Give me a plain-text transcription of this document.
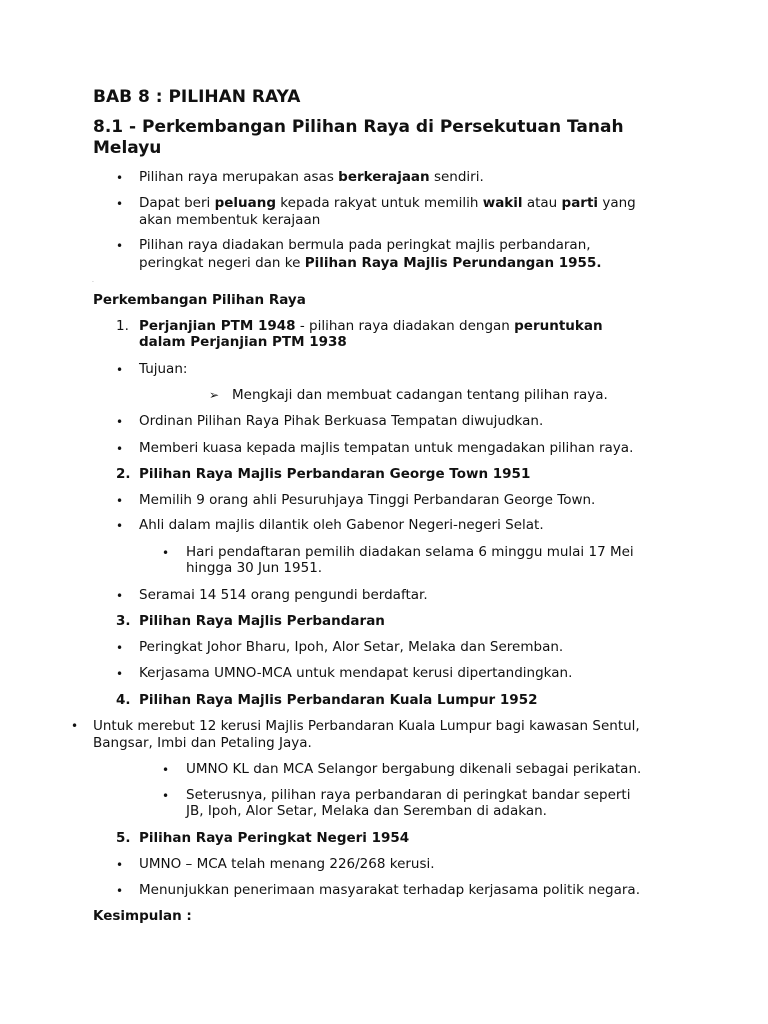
BAB 8 : PILIHAN RAYA
8.1 - Perkembangan Pilihan Raya di Persekutuan Tanah
Melayu
• Pilihan raya merupakan asas berkerajaan sendiri.
• Dapat beri peluang kepada rakyat untuk memilih wakil atau parti yang
akan membentuk kerajaan
• Pilihan raya diadakan bermula pada peringkat majlis perbandaran,
peringkat negeri dan ke Pilihan Raya Majlis Perundangan 1955.
.
Perkembangan Pilihan Raya
1. Perjanjian PTM 1948 - pilihan raya diadakan dengan peruntukan
dalam Perjanjian PTM 1938
• Tujuan:
➢ Mengkaji dan membuat cadangan tentang pilihan raya.
• Ordinan Pilihan Raya Pihak Berkuasa Tempatan diwujudkan.
• Memberi kuasa kepada majlis tempatan untuk mengadakan pilihan raya.
2. Pilihan Raya Majlis Perbandaran George Town 1951
• Memilih 9 orang ahli Pesuruhjaya Tinggi Perbandaran George Town.
• Ahli dalam majlis dilantik oleh Gabenor Negeri-negeri Selat.
• Hari pendaftaran pemilih diadakan selama 6 minggu mulai 17 Mei
hingga 30 Jun 1951.
• Seramai 14 514 orang pengundi berdaftar.
3. Pilihan Raya Majlis Perbandaran
• Peringkat Johor Bharu, Ipoh, Alor Setar, Melaka dan Seremban.
• Kerjasama UMNO-MCA untuk mendapat kerusi dipertandingkan.
4. Pilihan Raya Majlis Perbandaran Kuala Lumpur 1952
• Untuk merebut 12 kerusi Majlis Perbandaran Kuala Lumpur bagi kawasan Sentul,
Bangsar, Imbi dan Petaling Jaya.
• UMNO KL dan MCA Selangor bergabung dikenali sebagai perikatan.
• Seterusnya, pilihan raya perbandaran di peringkat bandar seperti
JB, Ipoh, Alor Setar, Melaka dan Seremban di adakan.
5. Pilihan Raya Peringkat Negeri 1954
• UMNO – MCA telah menang 226/268 kerusi.
• Menunjukkan penerimaan masyarakat terhadap kerjasama politik negara.
Kesimpulan :
